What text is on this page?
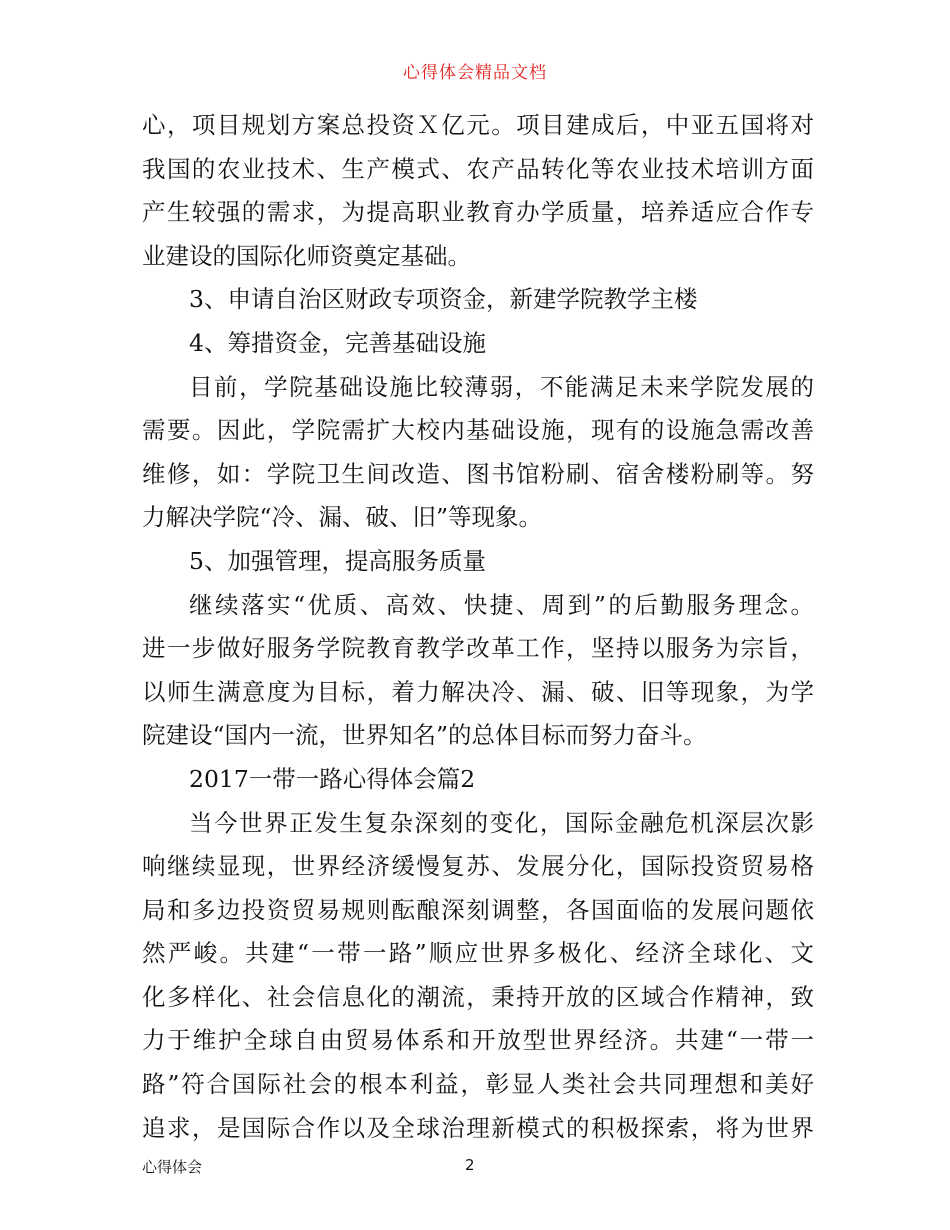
心得体会精品文档
心，项目规划方案总投资Ｘ亿元。项目建成后，中亚五国将对
我国的农业技术、生产模式、农产品转化等农业技术培训方面
产生较强的需求，为提高职业教育办学质量，培养适应合作专
业建设的国际化师资奠定基础。
3、申请自治区财政专项资金，新建学院教学主楼
4、筹措资金，完善基础设施
目前，学院基础设施比较薄弱，不能满足未来学院发展的
需要。因此，学院需扩大校内基础设施，现有的设施急需改善
维修，如：学院卫生间改造、图书馆粉刷、宿舍楼粉刷等。努
力解决学院“冷、漏、破、旧”等现象。
5、加强管理，提高服务质量
继续落实“优质、高效、快捷、周到”的后勤服务理念。
进一步做好服务学院教育教学改革工作，坚持以服务为宗旨，
以师生满意度为目标，着力解决冷、漏、破、旧等现象，为学
院建设“国内一流，世界知名”的总体目标而努力奋斗。
2017一带一路心得体会篇2
当今世界正发生复杂深刻的变化，国际金融危机深层次影
响继续显现，世界经济缓慢复苏、发展分化，国际投资贸易格
局和多边投资贸易规则酝酿深刻调整，各国面临的发展问题依
然严峻。共建“一带一路”顺应世界多极化、经济全球化、文
化多样化、社会信息化的潮流，秉持开放的区域合作精神，致
力于维护全球自由贸易体系和开放型世界经济。共建“一带一
路”符合国际社会的根本利益，彰显人类社会共同理想和美好
追求，是国际合作以及全球治理新模式的积极探索，将为世界
心得体会	2
